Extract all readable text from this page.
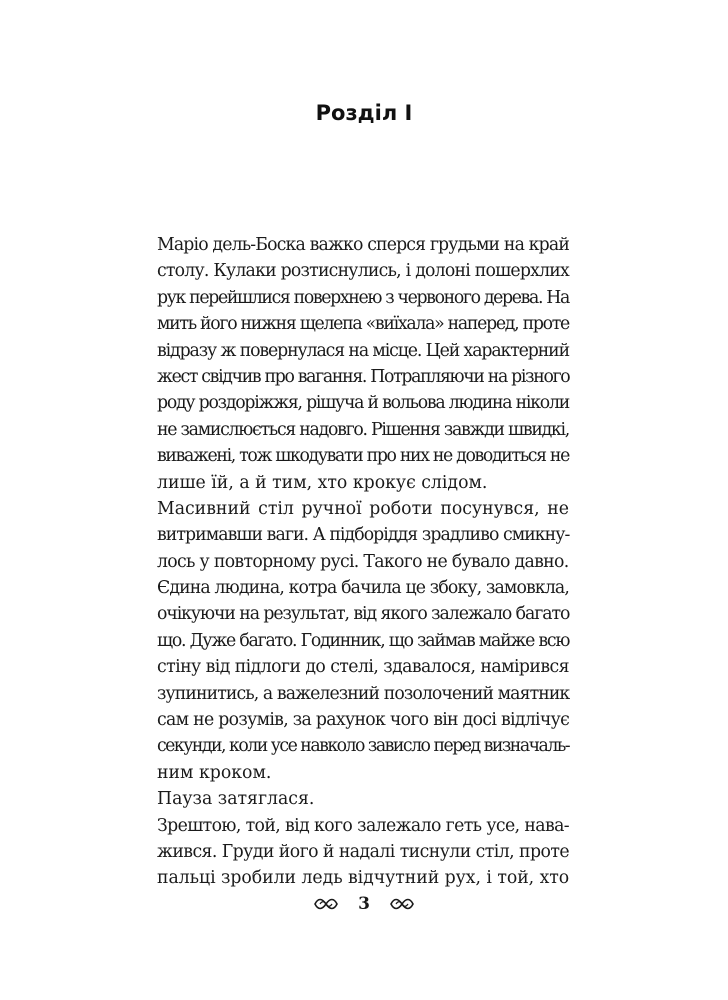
Розділ І

Маріо дель-Боска важко сперся грудьми на край

столу. Кулаки розтиснулись, і долоні пошерхлих

рук перейшлися поверхнею з червоного дерева. На

мить його нижня щелепа «виїхала» наперед, проте

відразу ж повернулася на місце. Цей характерний

жест свідчив про вагання. Потрапляючи на різного

роду роздоріжжя, рішуча й вольова людина ніколи

не замислюється надовго. Рішення завжди швидкі,

виважені, тож шкодувати про них не доводиться не

лише їй, а й тим, хто крокує слідом.

Масивний стіл ручної роботи посунувся, не

витримавши ваги. А підборіддя зрадливо смикну-

лось у повторному русі. Такого не бувало давно.

Єдина людина, котра бачила це збоку, замовкла,

очікуючи на результат, від якого залежало багато

що. Дуже багато. Годинник, що займав майже всю

стіну від підлоги до стелі, здавалося, намірився

зупинитись, а важелезний позолочений маятник

сам не розумів, за рахунок чого він досі відлічує

секунди, коли усе навколо зависло перед визначаль-

ним кроком.

Пауза затяглася.

Зрештою, той, від кого залежало геть усе, нава-

жився. Груди його й надалі тиснули стіл, проте

пальці зробили ледь відчутний рух, і той, хто

3
